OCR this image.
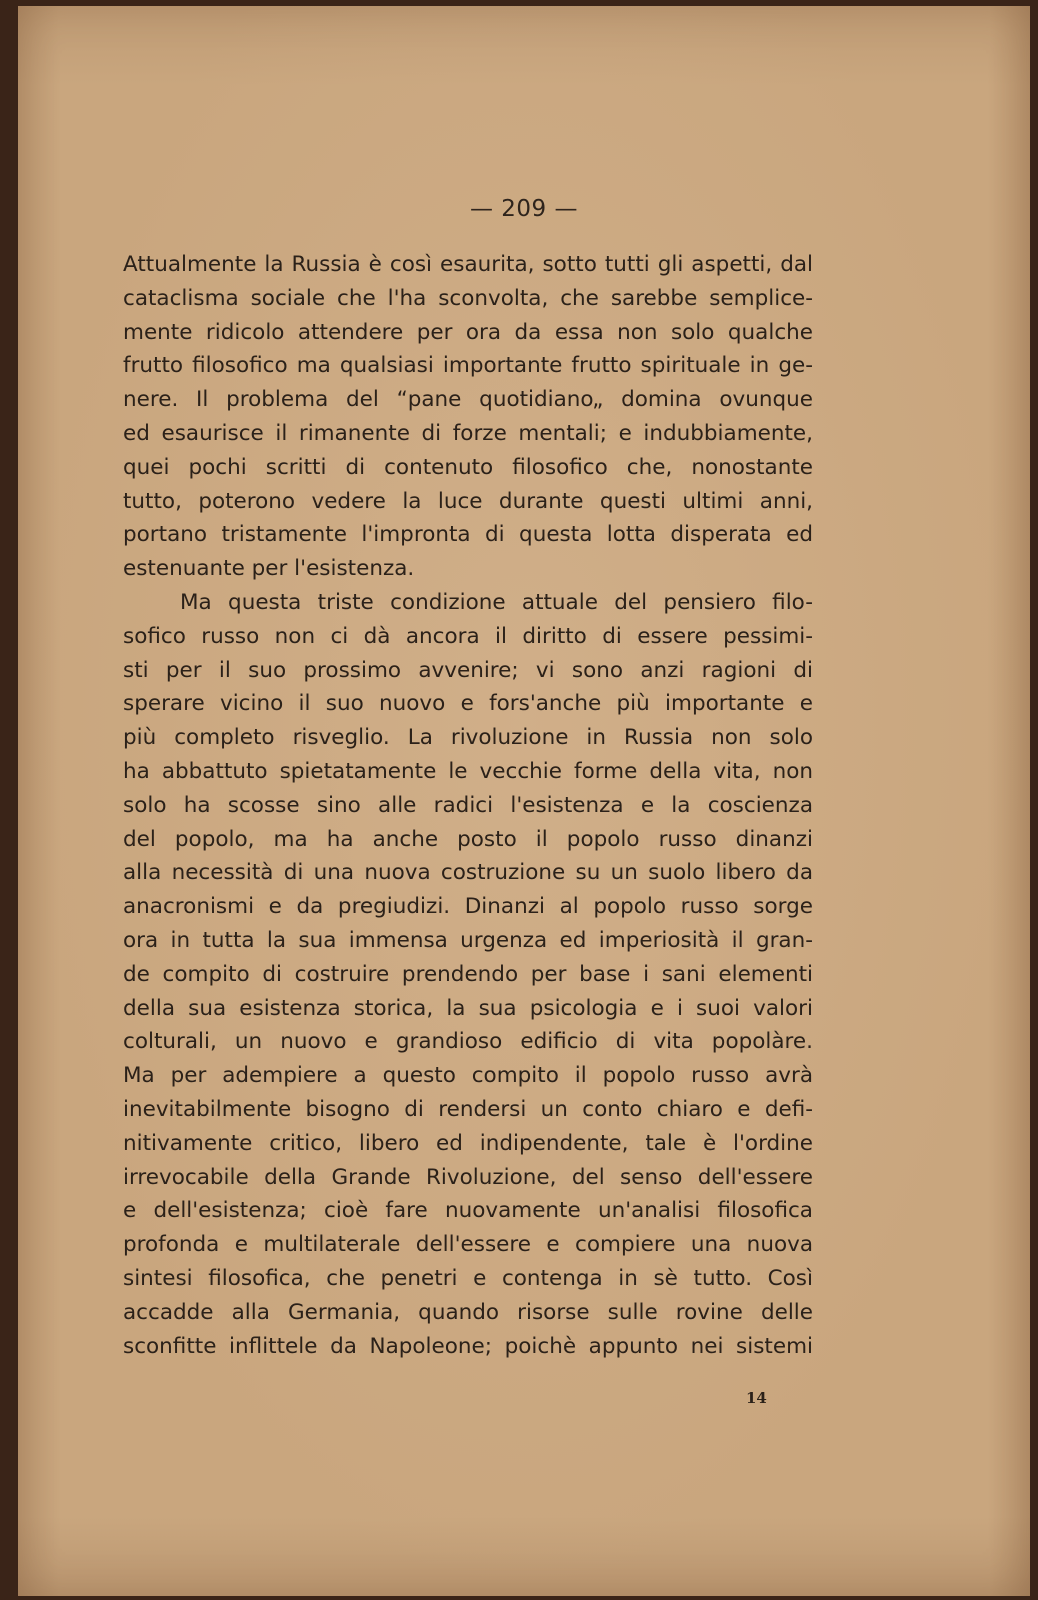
— 209 —
Attualmente la Russia è così esaurita, sotto tutti gli aspetti, dal
cataclisma sociale che l'ha sconvolta, che sarebbe semplice-
mente ridicolo attendere per ora da essa non solo qualche
frutto filosofico ma qualsiasi importante frutto spirituale in ge-
nere. Il problema del “pane quotidiano„ domina ovunque
ed esaurisce il rimanente di forze mentali; e indubbiamente,
quei pochi scritti di contenuto filosofico che, nonostante
tutto, poterono vedere la luce durante questi ultimi anni,
portano tristamente l'impronta di questa lotta disperata ed
estenuante per l'esistenza.
Ma questa triste condizione attuale del pensiero filo-
sofico russo non ci dà ancora il diritto di essere pessimi-
sti per il suo prossimo avvenire; vi sono anzi ragioni di
sperare vicino il suo nuovo e fors'anche più importante e
più completo risveglio. La rivoluzione in Russia non solo
ha abbattuto spietatamente le vecchie forme della vita, non
solo ha scosse sino alle radici l'esistenza e la coscienza
del popolo, ma ha anche posto il popolo russo dinanzi
alla necessità di una nuova costruzione su un suolo libero da
anacronismi e da pregiudizi. Dinanzi al popolo russo sorge
ora in tutta la sua immensa urgenza ed imperiosità il gran-
de compito di costruire prendendo per base i sani elementi
della sua esistenza storica, la sua psicologia e i suoi valori
colturali, un nuovo e grandioso edificio di vita popolàre.
Ma per adempiere a questo compito il popolo russo avrà
inevitabilmente bisogno di rendersi un conto chiaro e defi-
nitivamente critico, libero ed indipendente, tale è l'ordine
irrevocabile della Grande Rivoluzione, del senso dell'essere
e dell'esistenza; cioè fare nuovamente un'analisi filosofica
profonda e multilaterale dell'essere e compiere una nuova
sintesi filosofica, che penetri e contenga in sè tutto. Così
accadde alla Germania, quando risorse sulle rovine delle
sconfitte inflittele da Napoleone; poichè appunto nei sistemi
14
